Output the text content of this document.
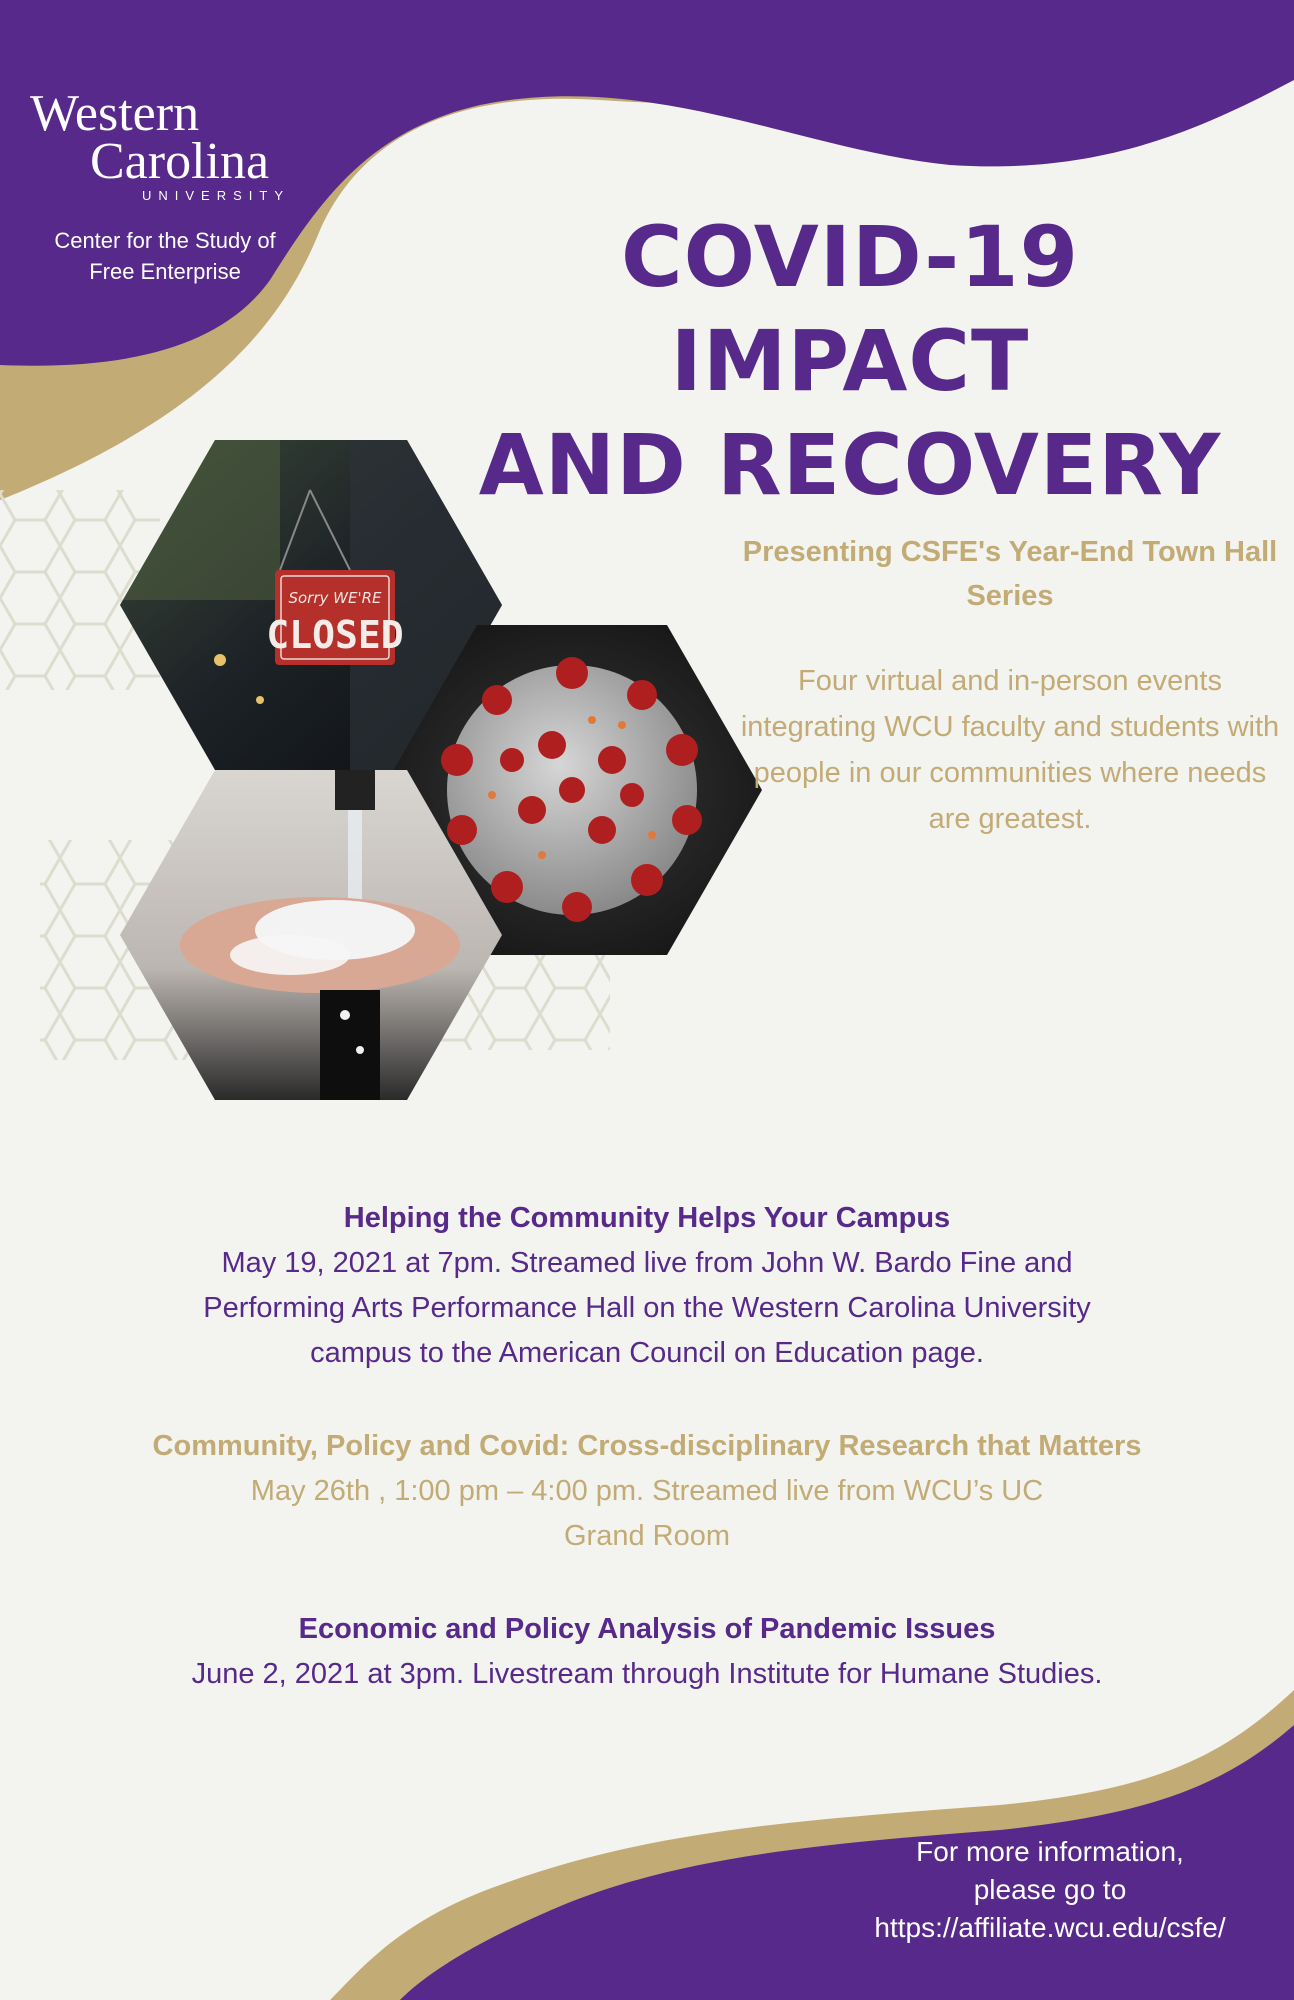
Western
Carolina
UNIVERSITY
Center for the Study of Free Enterprise	COVID-19 IMPACT
AND RECOVERY
Sorry WE'RE
CLOSED
Presenting CSFE's Year-End Town Hall Series
Four virtual and in-person events integrating WCU faculty and students with people in our communities where needs are greatest.
Helping the Community Helps Your Campus
May 19, 2021 at 7pm. Streamed live from John W. Bardo Fine and Performing Arts Performance Hall on the Western Carolina University campus to the American Council on Education page.
Community, Policy and Covid: Cross-disciplinary Research that Matters
May 26th , 1:00 pm – 4:00 pm. Streamed live from WCU’s UC Grand Room
Economic and Policy Analysis of Pandemic Issues
June 2, 2021 at 3pm. Livestream through Institute for Humane Studies.
For more information,
please go to
https://affiliate.wcu.edu/csfe/
